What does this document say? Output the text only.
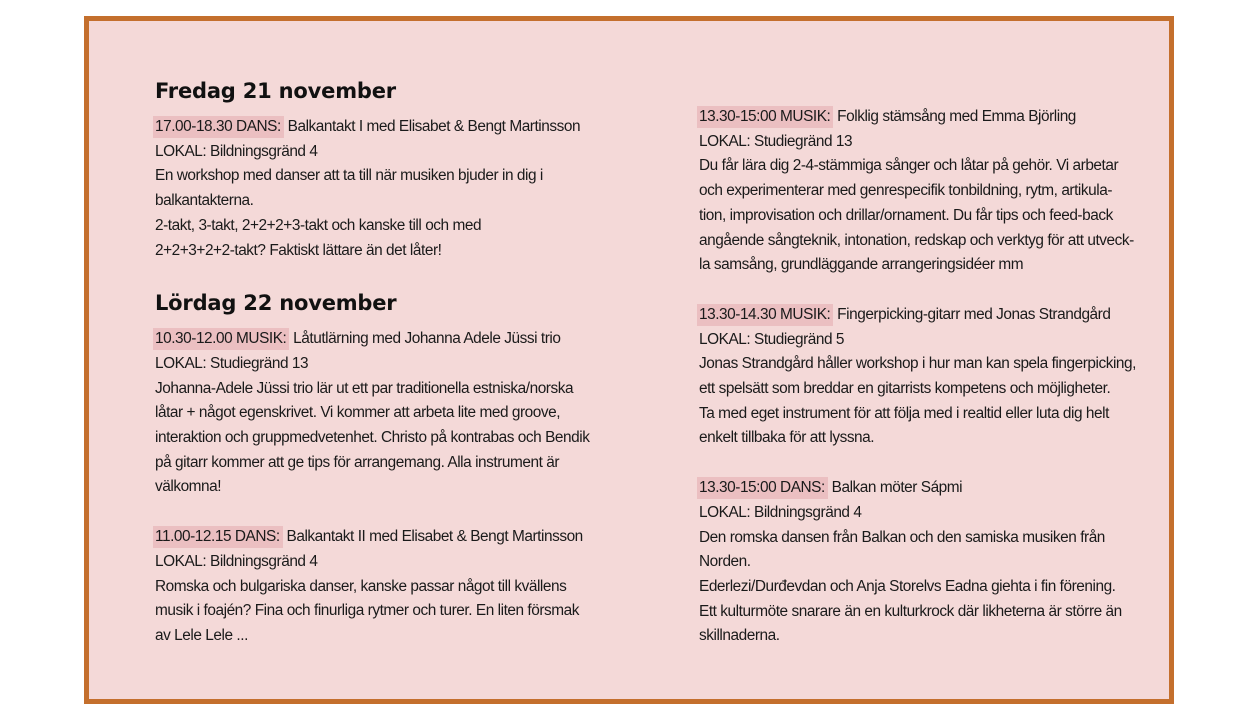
Fredag 21 november
17.00-18.30 DANS: Balkantakt I med Elisabet & Bengt Martinsson
LOKAL: Bildningsgränd 4
En workshop med danser att ta till när musiken bjuder in dig i
balkantakterna.
2-takt, 3-takt, 2+2+2+3-takt och kanske till och med
2+2+3+2+2-takt? Faktiskt lättare än det låter!
Lördag 22 november
10.30-12.00 MUSIK: Låtutlärning med Johanna Adele Jüssi trio
LOKAL: Studiegränd 13
Johanna-Adele Jüssi trio lär ut ett par traditionella estniska/norska
låtar + något egenskrivet. Vi kommer att arbeta lite med groove,
interaktion och gruppmedvetenhet. Christo på kontrabas och Bendik
på gitarr kommer att ge tips för arrangemang. Alla instrument är
välkomna!
11.00-12.15 DANS: Balkantakt II med Elisabet & Bengt Martinsson
LOKAL: Bildningsgränd 4
Romska och bulgariska danser, kanske passar något till kvällens
musik i foajén? Fina och finurliga rytmer och turer. En liten försmak
av Lele Lele ...
13.30-15:00 MUSIK: Folklig stämsång med Emma Björling
LOKAL: Studiegränd 13
Du får lära dig 2-4-stämmiga sånger och låtar på gehör. Vi arbetar
och experimenterar med genrespecifik tonbildning, rytm, artikula-
tion, improvisation och drillar/ornament. Du får tips och feed-back
angående sångteknik, intonation, redskap och verktyg för att utveck-
la samsång, grundläggande arrangeringsidéer mm
13.30-14.30 MUSIK: Fingerpicking-gitarr med Jonas Strandgård
LOKAL: Studiegränd 5
Jonas Strandgård håller workshop i hur man kan spela fingerpicking,
ett spelsätt som breddar en gitarrists kompetens och möjligheter.
Ta med eget instrument för att följa med i realtid eller luta dig helt
enkelt tillbaka för att lyssna.
13.30-15:00 DANS: Balkan möter Sápmi
LOKAL: Bildningsgränd 4
Den romska dansen från Balkan och den samiska musiken från
Norden.
Ederlezi/Durđevdan och Anja Storelvs Eadna giehta i fin förening.
Ett kulturmöte snarare än en kulturkrock där likheterna är större än
skillnaderna.
